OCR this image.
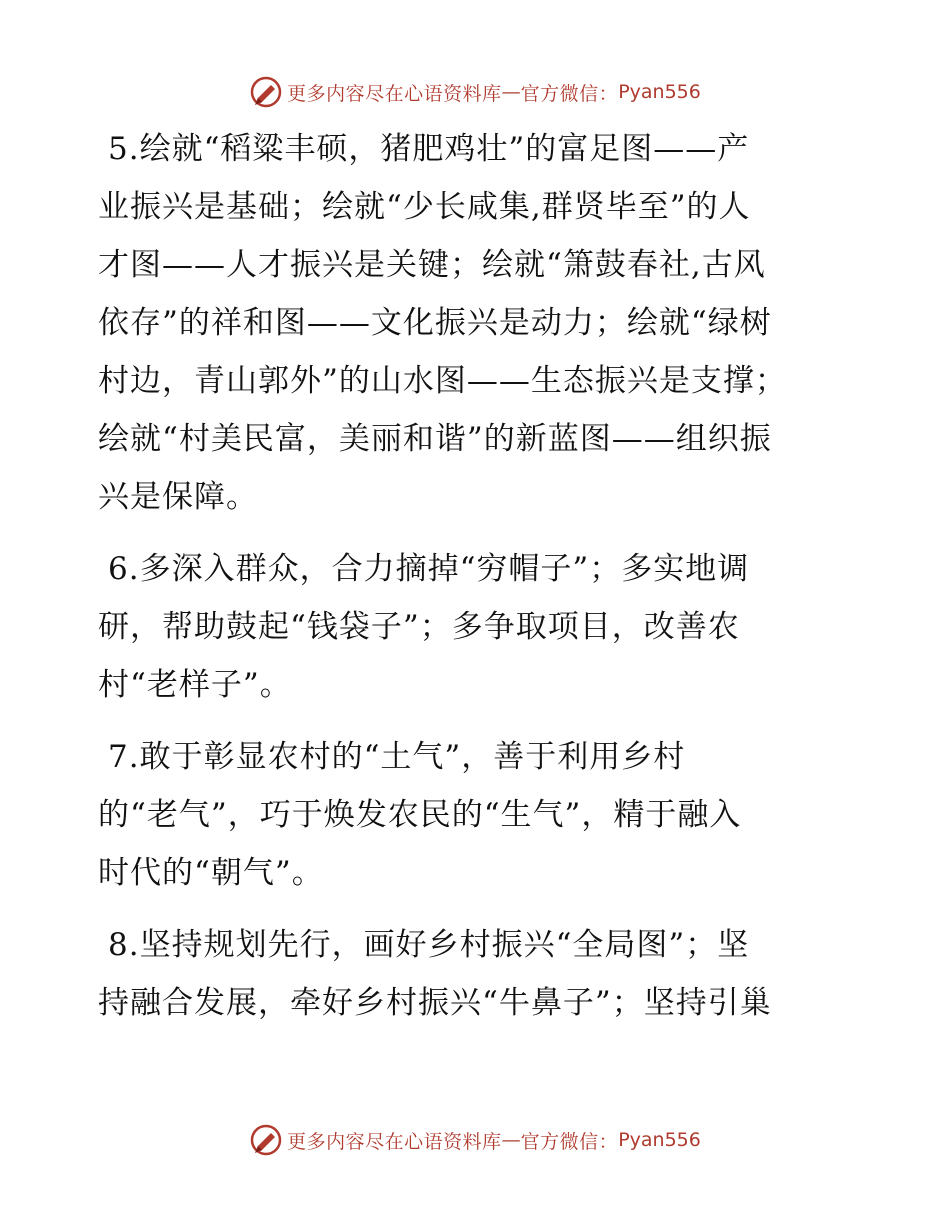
更多内容尽在心语资料库 — 官方微信： Pyan556

5.绘就“稻粱丰硕，猪肥鸡壮”的富足图——产
业振兴是基础；绘就“少长咸集,群贤毕至”的人
才图——人才振兴是关键；绘就“箫鼓春社,古风
依存”的祥和图——文化振兴是动力；绘就“绿树
村边，青山郭外”的山水图——生态振兴是支撑；
绘就“村美民富，美丽和谐”的新蓝图——组织振
兴是保障。

6.多深入群众，合力摘掉“穷帽子”；多实地调
研，帮助鼓起“钱袋子”；多争取项目，改善农
村“老样子”。

7.敢于彰显农村的“土气”，善于利用乡村
的“老气”，巧于焕发农民的“生气”，精于融入
时代的“朝气”。

8.坚持规划先行，画好乡村振兴“全局图”；坚
持融合发展，牵好乡村振兴“牛鼻子”；坚持引巢

更多内容尽在心语资料库 — 官方微信： Pyan556
